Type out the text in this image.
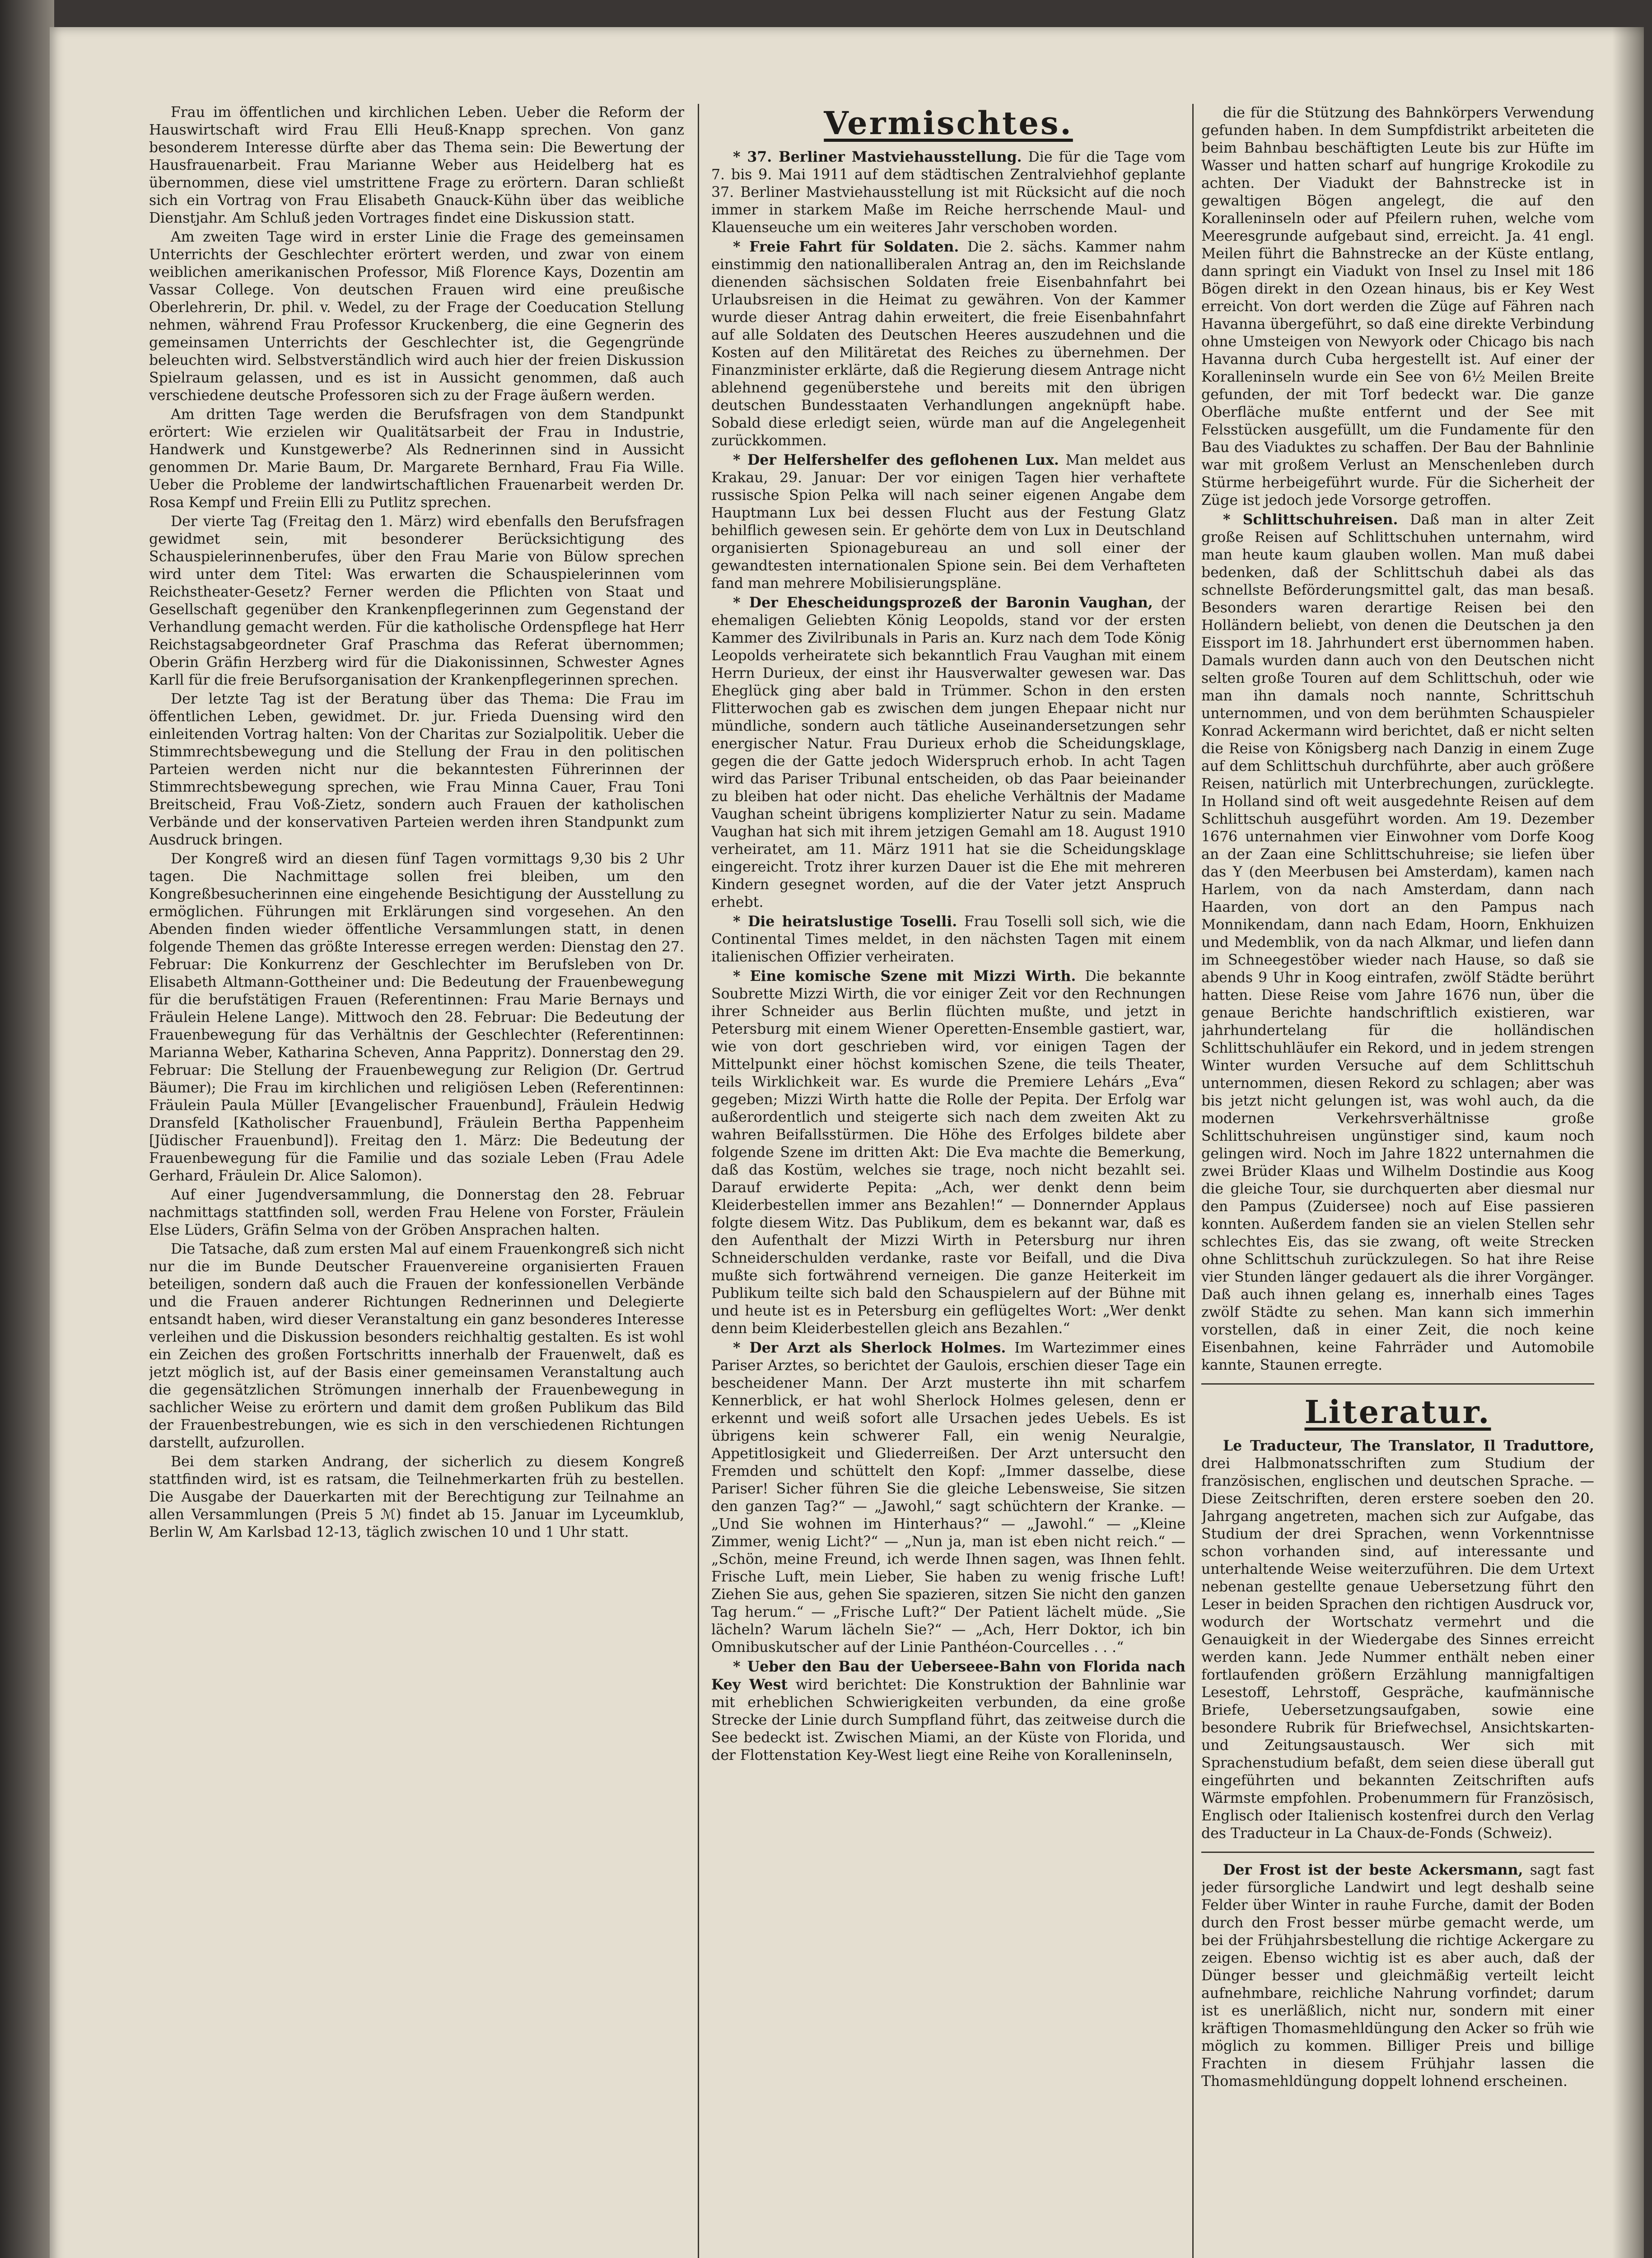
Frau im öffentlichen und kirchlichen Leben. Ueber die Reform der Hauswirtschaft wird Frau Elli Heuß-Knapp sprechen. Von ganz besonderem Interesse dürfte aber das Thema sein: Die Bewertung der Hausfrauenarbeit. Frau Marianne Weber aus Heidelberg hat es übernommen, diese viel umstrittene Frage zu erörtern. Daran schließt sich ein Vortrag von Frau Elisabeth Gnauck-Kühn über das weibliche Dienstjahr. Am Schluß jeden Vortrages findet eine Diskussion statt.

Am zweiten Tage wird in erster Linie die Frage des gemeinsamen Unterrichts der Geschlechter erörtert werden, und zwar von einem weiblichen amerikanischen Professor, Miß Florence Kays, Dozentin am Vassar College. Von deutschen Frauen wird eine preußische Oberlehrerin, Dr. phil. v. Wedel, zu der Frage der Coeducation Stellung nehmen, während Frau Professor Kruckenberg, die eine Gegnerin des gemeinsamen Unterrichts der Geschlechter ist, die Gegengründe beleuchten wird. Selbstverständlich wird auch hier der freien Diskussion Spielraum gelassen, und es ist in Aussicht genommen, daß auch verschiedene deutsche Professoren sich zu der Frage äußern werden.

Am dritten Tage werden die Berufsfragen von dem Standpunkt erörtert: Wie erzielen wir Qualitätsarbeit der Frau in Industrie, Handwerk und Kunstgewerbe? Als Rednerinnen sind in Aussicht genommen Dr. Marie Baum, Dr. Margarete Bernhard, Frau Fia Wille. Ueber die Probleme der landwirtschaftlichen Frauenarbeit werden Dr. Rosa Kempf und Freiin Elli zu Putlitz sprechen.

Der vierte Tag (Freitag den 1. März) wird ebenfalls den Berufsfragen gewidmet sein, mit besonderer Berücksichtigung des Schauspielerinnenberufes, über den Frau Marie von Bülow sprechen wird unter dem Titel: Was erwarten die Schauspielerinnen vom Reichstheater-Gesetz? Ferner werden die Pflichten von Staat und Gesellschaft gegenüber den Krankenpflegerinnen zum Gegenstand der Verhandlung gemacht werden. Für die katholische Ordenspflege hat Herr Reichstagsabgeordneter Graf Praschma das Referat übernommen; Oberin Gräfin Herzberg wird für die Diakonissinnen, Schwester Agnes Karll für die freie Berufsorganisation der Krankenpflegerinnen sprechen.

Der letzte Tag ist der Beratung über das Thema: Die Frau im öffentlichen Leben, gewidmet. Dr. jur. Frieda Duensing wird den einleitenden Vortrag halten: Von der Charitas zur Sozialpolitik. Ueber die Stimmrechtsbewegung und die Stellung der Frau in den politischen Parteien werden nicht nur die bekanntesten Führerinnen der Stimmrechtsbewegung sprechen, wie Frau Minna Cauer, Frau Toni Breitscheid, Frau Voß-Zietz, sondern auch Frauen der katholischen Verbände und der konservativen Parteien werden ihren Standpunkt zum Ausdruck bringen.

Der Kongreß wird an diesen fünf Tagen vormittags 9,30 bis 2 Uhr tagen. Die Nachmittage sollen frei bleiben, um den Kongreßbesucherinnen eine eingehende Besichtigung der Ausstellung zu ermöglichen. Führungen mit Erklärungen sind vorgesehen. An den Abenden finden wieder öffentliche Versammlungen statt, in denen folgende Themen das größte Interesse erregen werden: Dienstag den 27. Februar: Die Konkurrenz der Geschlechter im Berufsleben von Dr. Elisabeth Altmann-Gottheiner und: Die Bedeutung der Frauenbewegung für die berufstätigen Frauen (Referentinnen: Frau Marie Bernays und Fräulein Helene Lange). Mittwoch den 28. Februar: Die Bedeutung der Frauenbewegung für das Verhältnis der Geschlechter (Referentinnen: Marianna Weber, Katharina Scheven, Anna Pappritz). Donnerstag den 29. Februar: Die Stellung der Frauenbewegung zur Religion (Dr. Gertrud Bäumer); Die Frau im kirchlichen und religiösen Leben (Referentinnen: Fräulein Paula Müller [Evangelischer Frauenbund], Fräulein Hedwig Dransfeld [Katholischer Frauenbund], Fräulein Bertha Pappenheim [Jüdischer Frauenbund]). Freitag den 1. März: Die Bedeutung der Frauenbewegung für die Familie und das soziale Leben (Frau Adele Gerhard, Fräulein Dr. Alice Salomon).

Auf einer Jugendversammlung, die Donnerstag den 28. Februar nachmittags stattfinden soll, werden Frau Helene von Forster, Fräulein Else Lüders, Gräfin Selma von der Gröben Ansprachen halten.

Die Tatsache, daß zum ersten Mal auf einem Frauenkongreß sich nicht nur die im Bunde Deutscher Frauenvereine organisierten Frauen beteiligen, sondern daß auch die Frauen der konfessionellen Verbände und die Frauen anderer Richtungen Rednerinnen und Delegierte entsandt haben, wird dieser Veranstaltung ein ganz besonderes Interesse verleihen und die Diskussion besonders reichhaltig gestalten. Es ist wohl ein Zeichen des großen Fortschritts innerhalb der Frauenwelt, daß es jetzt möglich ist, auf der Basis einer gemeinsamen Veranstaltung auch die gegensätzlichen Strömungen innerhalb der Frauenbewegung in sachlicher Weise zu erörtern und damit dem großen Publikum das Bild der Frauenbestrebungen, wie es sich in den verschiedenen Richtungen darstellt, aufzurollen.

Bei dem starken Andrang, der sicherlich zu diesem Kongreß stattfinden wird, ist es ratsam, die Teilnehmerkarten früh zu bestellen. Die Ausgabe der Dauerkarten mit der Berechtigung zur Teilnahme an allen Versammlungen (Preis 5 ℳ) findet ab 15. Januar im Lyceumklub, Berlin W, Am Karlsbad 12-13, täglich zwischen 10 und 1 Uhr statt.

Vermischtes.

* 37. Berliner Mastviehausstellung. Die für die Tage vom 7. bis 9. Mai 1911 auf dem städtischen Zentralviehhof geplante 37. Berliner Mastviehausstellung ist mit Rücksicht auf die noch immer in starkem Maße im Reiche herrschende Maul- und Klauenseuche um ein weiteres Jahr verschoben worden.

* Freie Fahrt für Soldaten. Die 2. sächs. Kammer nahm einstimmig den nationalliberalen Antrag an, den im Reichslande dienenden sächsischen Soldaten freie Eisenbahnfahrt bei Urlaubsreisen in die Heimat zu gewähren. Von der Kammer wurde dieser Antrag dahin erweitert, die freie Eisenbahnfahrt auf alle Soldaten des Deutschen Heeres auszudehnen und die Kosten auf den Militäretat des Reiches zu übernehmen. Der Finanzminister erklärte, daß die Regierung diesem Antrage nicht ablehnend gegenüberstehe und bereits mit den übrigen deutschen Bundesstaaten Verhandlungen angeknüpft habe. Sobald diese erledigt seien, würde man auf die Angelegenheit zurückkommen.

* Der Helfershelfer des geflohenen Lux. Man meldet aus Krakau, 29. Januar: Der vor einigen Tagen hier verhaftete russische Spion Pelka will nach seiner eigenen Angabe dem Hauptmann Lux bei dessen Flucht aus der Festung Glatz behilflich gewesen sein. Er gehörte dem von Lux in Deutschland organisierten Spionagebureau an und soll einer der gewandtesten internationalen Spione sein. Bei dem Verhafteten fand man mehrere Mobilisierungspläne.

* Der Ehescheidungsprozeß der Baronin Vaughan, der ehemaligen Geliebten König Leopolds, stand vor der ersten Kammer des Zivilribunals in Paris an. Kurz nach dem Tode König Leopolds verheiratete sich bekanntlich Frau Vaughan mit einem Herrn Durieux, der einst ihr Hausverwalter gewesen war. Das Eheglück ging aber bald in Trümmer. Schon in den ersten Flitterwochen gab es zwischen dem jungen Ehepaar nicht nur mündliche, sondern auch tätliche Auseinandersetzungen sehr energischer Natur. Frau Durieux erhob die Scheidungsklage, gegen die der Gatte jedoch Widerspruch erhob. In acht Tagen wird das Pariser Tribunal entscheiden, ob das Paar beieinander zu bleiben hat oder nicht. Das eheliche Verhältnis der Madame Vaughan scheint übrigens komplizierter Natur zu sein. Madame Vaughan hat sich mit ihrem jetzigen Gemahl am 18. August 1910 verheiratet, am 11. März 1911 hat sie die Scheidungsklage eingereicht. Trotz ihrer kurzen Dauer ist die Ehe mit mehreren Kindern gesegnet worden, auf die der Vater jetzt Anspruch erhebt.

* Die heiratslustige Toselli. Frau Toselli soll sich, wie die Continental Times meldet, in den nächsten Tagen mit einem italienischen Offizier verheiraten.

* Eine komische Szene mit Mizzi Wirth. Die bekannte Soubrette Mizzi Wirth, die vor einiger Zeit vor den Rechnungen ihrer Schneider aus Berlin flüchten mußte, und jetzt in Petersburg mit einem Wiener Operetten-Ensemble gastiert, war, wie von dort geschrieben wird, vor einigen Tagen der Mittelpunkt einer höchst komischen Szene, die teils Theater, teils Wirklichkeit war. Es wurde die Premiere Lehárs „Eva“ gegeben; Mizzi Wirth hatte die Rolle der Pepita. Der Erfolg war außerordentlich und steigerte sich nach dem zweiten Akt zu wahren Beifallsstürmen. Die Höhe des Erfolges bildete aber folgende Szene im dritten Akt: Die Eva machte die Bemerkung, daß das Kostüm, welches sie trage, noch nicht bezahlt sei. Darauf erwiderte Pepita: „Ach, wer denkt denn beim Kleiderbestellen immer ans Bezahlen!“ — Donnernder Applaus folgte diesem Witz. Das Publikum, dem es bekannt war, daß es den Aufenthalt der Mizzi Wirth in Petersburg nur ihren Schneiderschulden verdanke, raste vor Beifall, und die Diva mußte sich fortwährend verneigen. Die ganze Heiterkeit im Publikum teilte sich bald den Schauspielern auf der Bühne mit und heute ist es in Petersburg ein geflügeltes Wort: „Wer denkt denn beim Kleiderbestellen gleich ans Bezahlen.“

* Der Arzt als Sherlock Holmes. Im Wartezimmer eines Pariser Arztes, so berichtet der Gaulois, erschien dieser Tage ein bescheidener Mann. Der Arzt musterte ihn mit scharfem Kennerblick, er hat wohl Sherlock Holmes gelesen, denn er erkennt und weiß sofort alle Ursachen jedes Uebels. Es ist übrigens kein schwerer Fall, ein wenig Neuralgie, Appetitlosigkeit und Gliederreißen. Der Arzt untersucht den Fremden und schüttelt den Kopf: „Immer dasselbe, diese Pariser! Sicher führen Sie die gleiche Lebensweise, Sie sitzen den ganzen Tag?“ — „Jawohl,“ sagt schüchtern der Kranke. — „Und Sie wohnen im Hinterhaus?“ — „Jawohl.“ — „Kleine Zimmer, wenig Licht?“ — „Nun ja, man ist eben nicht reich.“ — „Schön, meine Freund, ich werde Ihnen sagen, was Ihnen fehlt. Frische Luft, mein Lieber, Sie haben zu wenig frische Luft! Ziehen Sie aus, gehen Sie spazieren, sitzen Sie nicht den ganzen Tag herum.“ — „Frische Luft?“ Der Patient lächelt müde. „Sie lächeln? Warum lächeln Sie?“ — „Ach, Herr Doktor, ich bin Omnibuskutscher auf der Linie Panthéon-Courcelles . . .“

* Ueber den Bau der Ueberseee-Bahn von Florida nach Key West wird berichtet: Die Konstruktion der Bahnlinie war mit erheblichen Schwierigkeiten verbunden, da eine große Strecke der Linie durch Sumpfland führt, das zeitweise durch die See bedeckt ist. Zwischen Miami, an der Küste von Florida, und der Flottenstation Key-West liegt eine Reihe von Koralleninseln,

die für die Stützung des Bahnkörpers Verwendung gefunden haben. In dem Sumpfdistrikt arbeiteten die beim Bahnbau beschäftigten Leute bis zur Hüfte im Wasser und hatten scharf auf hungrige Krokodile zu achten. Der Viadukt der Bahnstrecke ist in gewaltigen Bögen angelegt, die auf den Koralleninseln oder auf Pfeilern ruhen, welche vom Meeresgrunde aufgebaut sind, erreicht. Ja. 41 engl. Meilen führt die Bahnstrecke an der Küste entlang, dann springt ein Viadukt von Insel zu Insel mit 186 Bögen direkt in den Ozean hinaus, bis er Key West erreicht. Von dort werden die Züge auf Fähren nach Havanna übergeführt, so daß eine direkte Verbindung ohne Umsteigen von Newyork oder Chicago bis nach Havanna durch Cuba hergestellt ist. Auf einer der Koralleninseln wurde ein See von 6½ Meilen Breite gefunden, der mit Torf bedeckt war. Die ganze Oberfläche mußte entfernt und der See mit Felsstücken ausgefüllt, um die Fundamente für den Bau des Viaduktes zu schaffen. Der Bau der Bahnlinie war mit großem Verlust an Menschenleben durch Stürme herbeigeführt wurde. Für die Sicherheit der Züge ist jedoch jede Vorsorge getroffen.

* Schlittschuhreisen. Daß man in alter Zeit große Reisen auf Schlittschuhen unternahm, wird man heute kaum glauben wollen. Man muß dabei bedenken, daß der Schlittschuh dabei als das schnellste Beförderungsmittel galt, das man besaß. Besonders waren derartige Reisen bei den Holländern beliebt, von denen die Deutschen ja den Eissport im 18. Jahrhundert erst übernommen haben. Damals wurden dann auch von den Deutschen nicht selten große Touren auf dem Schlittschuh, oder wie man ihn damals noch nannte, Schrittschuh unternommen, und von dem berühmten Schauspieler Konrad Ackermann wird berichtet, daß er nicht selten die Reise von Königsberg nach Danzig in einem Zuge auf dem Schlittschuh durchführte, aber auch größere Reisen, natürlich mit Unterbrechungen, zurücklegte. In Holland sind oft weit ausgedehnte Reisen auf dem Schlittschuh ausgeführt worden. Am 19. Dezember 1676 unternahmen vier Einwohner vom Dorfe Koog an der Zaan eine Schlittschuhreise; sie liefen über das Y (den Meerbusen bei Amsterdam), kamen nach Harlem, von da nach Amsterdam, dann nach Haarden, von dort an den Pampus nach Monnikendam, dann nach Edam, Hoorn, Enkhuizen und Medemblik, von da nach Alkmar, und liefen dann im Schneegestöber wieder nach Hause, so daß sie abends 9 Uhr in Koog eintrafen, zwölf Städte berührt hatten. Diese Reise vom Jahre 1676 nun, über die genaue Berichte handschriftlich existieren, war jahrhundertelang für die holländischen Schlittschuhläufer ein Rekord, und in jedem strengen Winter wurden Versuche auf dem Schlittschuh unternommen, diesen Rekord zu schlagen; aber was bis jetzt nicht gelungen ist, was wohl auch, da die modernen Verkehrsverhältnisse große Schlittschuhreisen ungünstiger sind, kaum noch gelingen wird. Noch im Jahre 1822 unternahmen die zwei Brüder Klaas und Wilhelm Dostindie aus Koog die gleiche Tour, sie durchquerten aber diesmal nur den Pampus (Zuidersee) noch auf Eise passieren konnten. Außerdem fanden sie an vielen Stellen sehr schlechtes Eis, das sie zwang, oft weite Strecken ohne Schlittschuh zurückzulegen. So hat ihre Reise vier Stunden länger gedauert als die ihrer Vorgänger. Daß auch ihnen gelang es, innerhalb eines Tages zwölf Städte zu sehen. Man kann sich immerhin vorstellen, daß in einer Zeit, die noch keine Eisenbahnen, keine Fahrräder und Automobile kannte, Staunen erregte.

Literatur.

Le Traducteur, The Translator, Il Traduttore, drei Halbmonatsschriften zum Studium der französischen, englischen und deutschen Sprache. — Diese Zeitschriften, deren erstere soeben den 20. Jahrgang angetreten, machen sich zur Aufgabe, das Studium der drei Sprachen, wenn Vorkenntnisse schon vorhanden sind, auf interessante und unterhaltende Weise weiterzuführen. Die dem Urtext nebenan gestellte genaue Uebersetzung führt den Leser in beiden Sprachen den richtigen Ausdruck vor, wodurch der Wortschatz vermehrt und die Genauigkeit in der Wiedergabe des Sinnes erreicht werden kann. Jede Nummer enthält neben einer fortlaufenden größern Erzählung mannigfaltigen Lesestoff, Lehrstoff, Gespräche, kaufmännische Briefe, Uebersetzungsaufgaben, sowie eine besondere Rubrik für Briefwechsel, Ansichtskarten- und Zeitungsaustausch. Wer sich mit Sprachenstudium befaßt, dem seien diese überall gut eingeführten und bekannten Zeitschriften aufs Wärmste empfohlen. Probenummern für Französisch, Englisch oder Italienisch kostenfrei durch den Verlag des Traducteur in La Chaux-de-Fonds (Schweiz).

Der Frost ist der beste Ackersmann, sagt fast jeder fürsorgliche Landwirt und legt deshalb seine Felder über Winter in rauhe Furche, damit der Boden durch den Frost besser mürbe gemacht werde, um bei der Frühjahrsbestellung die richtige Ackergare zu zeigen. Ebenso wichtig ist es aber auch, daß der Dünger besser und gleichmäßig verteilt leicht aufnehmbare, reichliche Nahrung vorfindet; darum ist es unerläßlich, nicht nur, sondern mit einer kräftigen Thomasmehldüngung den Acker so früh wie möglich zu kommen. Billiger Preis und billige Frachten in diesem Frühjahr lassen die Thomasmehldüngung doppelt lohnend erscheinen.
